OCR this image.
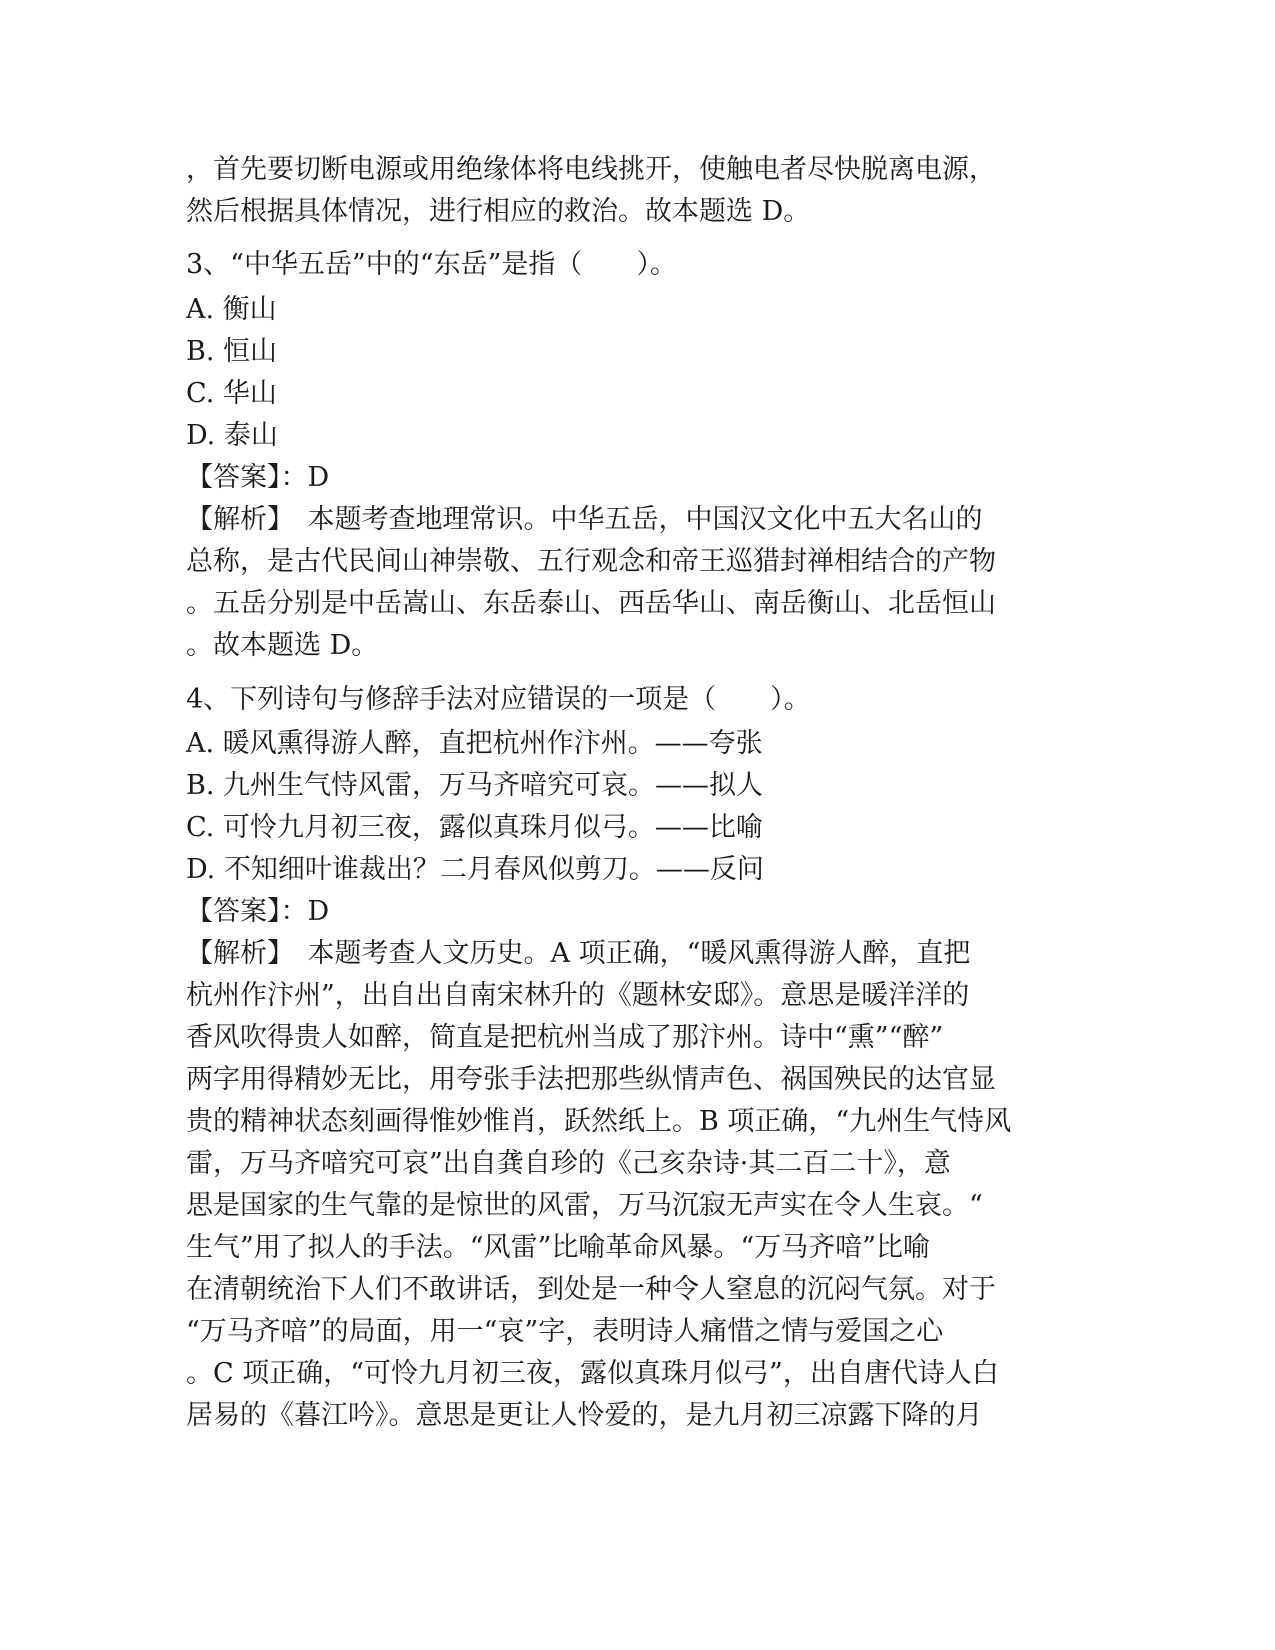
，首先要切断电源或用绝缘体将电线挑开，使触电者尽快脱离电源，
然后根据具体情况，进行相应的救治。故本题选 D。
3、“中华五岳”中的“东岳”是指（　　）。
A. 衡山
B. 恒山
C. 华山
D. 泰山
【答案】：D
【解析】　本题考查地理常识。中华五岳，中国汉文化中五大名山的
总称，是古代民间山神崇敬、五行观念和帝王巡猎封禅相结合的产物
。五岳分别是中岳嵩山、东岳泰山、西岳华山、南岳衡山、北岳恒山
。故本题选 D。
4、下列诗句与修辞手法对应错误的一项是（　　）。
A. 暖风熏得游人醉，直把杭州作汴州。——夸张
B. 九州生气恃风雷，万马齐喑究可哀。——拟人
C. 可怜九月初三夜，露似真珠月似弓。——比喻
D. 不知细叶谁裁出？二月春风似剪刀。——反问
【答案】：D
【解析】　本题考查人文历史。A 项正确，“暖风熏得游人醉，直把
杭州作汴州”，出自出自南宋林升的《题林安邸》。意思是暖洋洋的
香风吹得贵人如醉，简直是把杭州当成了那汴州。诗中“熏”“醉”
两字用得精妙无比，用夸张手法把那些纵情声色、祸国殃民的达官显
贵的精神状态刻画得惟妙惟肖，跃然纸上。B 项正确，“九州生气恃风
雷，万马齐喑究可哀”出自龚自珍的《己亥杂诗·其二百二十》，意
思是国家的生气靠的是惊世的风雷，万马沉寂无声实在令人生哀。“
生气”用了拟人的手法。“风雷”比喻革命风暴。“万马齐喑”比喻
在清朝统治下人们不敢讲话，到处是一种令人窒息的沉闷气氛。对于
“万马齐喑”的局面，用一“哀”字，表明诗人痛惜之情与爱国之心
。C 项正确，“可怜九月初三夜，露似真珠月似弓”，出自唐代诗人白
居易的《暮江吟》。意思是更让人怜爱的，是九月初三凉露下降的月
